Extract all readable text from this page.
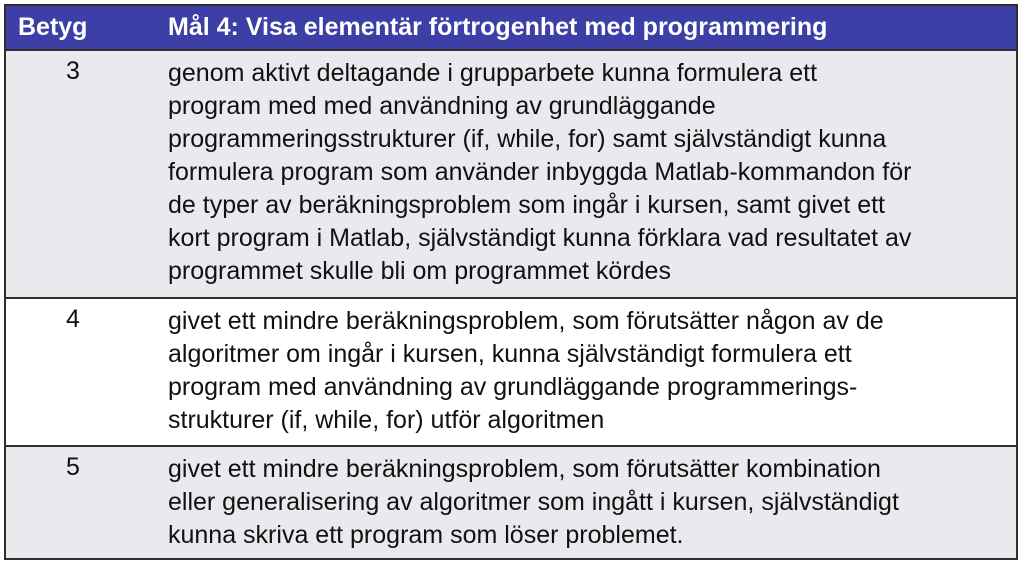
Betyg	Mål 4: Visa elementär förtrogenhet med programmering
3	genom aktivt deltagande i grupparbete kunna formulera ett
program med med användning av grundläggande
programmeringsstrukturer (if, while, for) samt självständigt kunna
formulera program som använder inbyggda Matlab-kommandon för
de typer av beräkningsproblem som ingår i kursen, samt givet ett
kort program i Matlab, självständigt kunna förklara vad resultatet av
programmet skulle bli om programmet kördes
4	givet ett mindre beräkningsproblem, som förutsätter någon av de
algoritmer om ingår i kursen, kunna självständigt formulera ett
program med användning av grundläggande programmerings-
strukturer (if, while, for) utför algoritmen
5	givet ett mindre beräkningsproblem, som förutsätter kombination
eller generalisering av algoritmer som ingått i kursen, självständigt
kunna skriva ett program som löser problemet.
